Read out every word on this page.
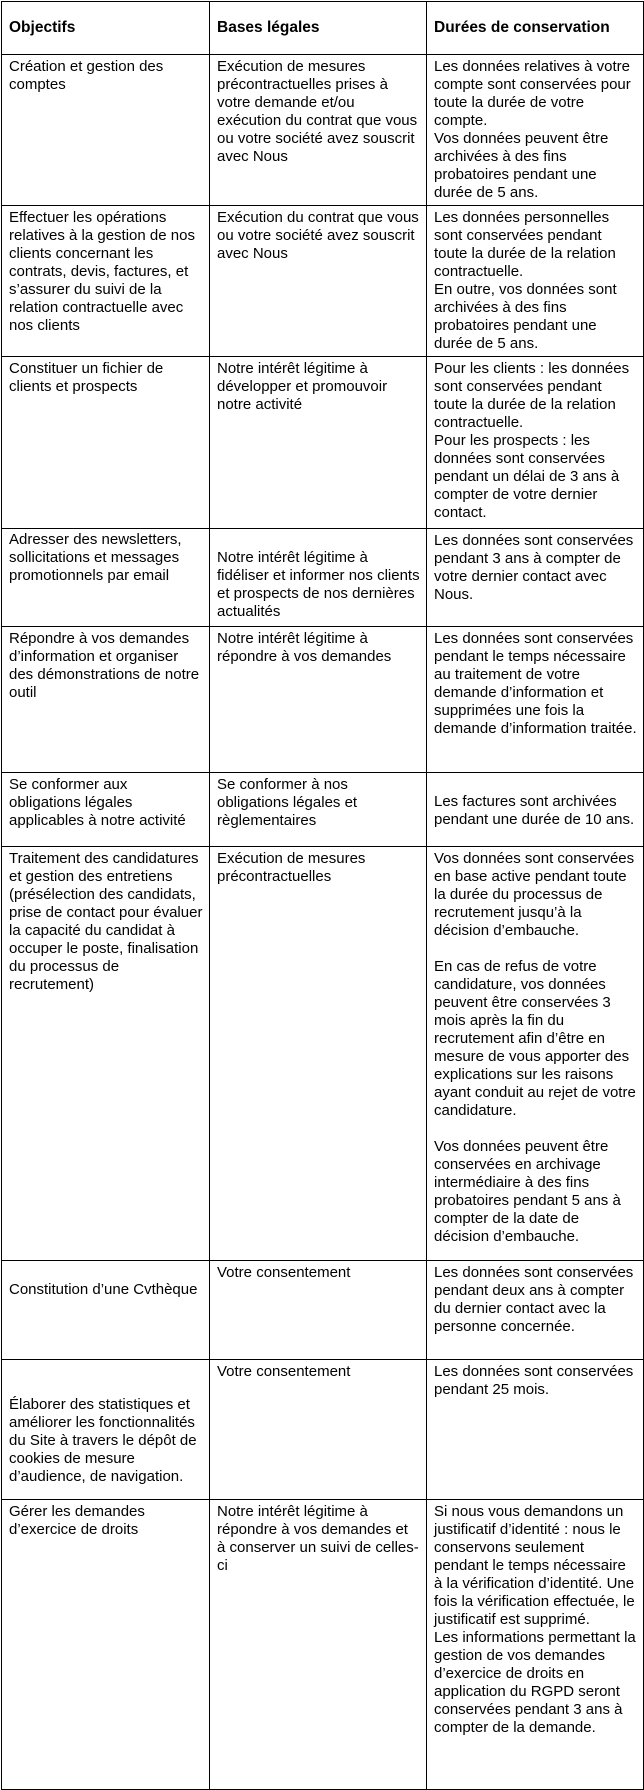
Objectifs	Bases légales	Durées de conservation

Création et gestion des comptes	Exécution de mesures précontractuelles prises à votre demande et/ou exécution du contrat que vous ou votre société avez souscrit avec Nous	Les données relatives à votre compte sont conservées pour toute la durée de votre compte.
Vos données peuvent être archivées à des fins probatoires pendant une durée de 5 ans.

Effectuer les opérations relatives à la gestion de nos clients concernant les contrats, devis, factures, et s’assurer du suivi de la relation contractuelle avec nos clients	Exécution du contrat que vous ou votre société avez souscrit avec Nous	Les données personnelles sont conservées pendant toute la durée de la relation contractuelle.
En outre, vos données sont archivées à des fins probatoires pendant une durée de 5 ans.

Constituer un fichier de clients et prospects	Notre intérêt légitime à développer et promouvoir notre activité	Pour les clients : les données sont conservées pendant toute la durée de la relation contractuelle.
Pour les prospects : les données sont conservées pendant un délai de 3 ans à compter de votre dernier contact.

Adresser des newsletters, sollicitations et messages promotionnels par email	Notre intérêt légitime à fidéliser et informer nos clients et prospects de nos dernières actualités	Les données sont conservées pendant 3 ans à compter de votre dernier contact avec Nous.

Répondre à vos demandes d’information et organiser des démonstrations de notre outil	Notre intérêt légitime à répondre à vos demandes	Les données sont conservées pendant le temps nécessaire au traitement de votre demande d’information et supprimées une fois la demande d’information traitée.

Se conformer aux obligations légales applicables à notre activité	Se conformer à nos obligations légales et règlementaires	Les factures sont archivées pendant une durée de 10 ans.

Traitement des candidatures et gestion des entretiens (présélection des candidats, prise de contact pour évaluer la capacité du candidat à occuper le poste, finalisation du processus de recrutement)	Exécution de mesures précontractuelles	Vos données sont conservées en base active pendant toute la durée du processus de recrutement jusqu’à la décision d’embauche.

En cas de refus de votre candidature, vos données peuvent être conservées 3 mois après la fin du recrutement afin d’être en mesure de vous apporter des explications sur les raisons ayant conduit au rejet de votre candidature.

Vos données peuvent être conservées en archivage intermédiaire à des fins probatoires pendant 5 ans à compter de la date de décision d’embauche.

Constitution d’une Cvthèque	Votre consentement	Les données sont conservées pendant deux ans à compter du dernier contact avec la personne concernée.

Élaborer des statistiques et améliorer les fonctionnalités du Site à travers le dépôt de cookies de mesure d’audience, de navigation.	Votre consentement	Les données sont conservées pendant 25 mois.

Gérer les demandes d’exercice de droits	Notre intérêt légitime à répondre à vos demandes et à conserver un suivi de celles-ci	Si nous vous demandons un justificatif d’identité : nous le conservons seulement pendant le temps nécessaire à la vérification d’identité. Une fois la vérification effectuée, le justificatif est supprimé.
Les informations permettant la gestion de vos demandes d’exercice de droits en application du RGPD seront conservées pendant 3 ans à compter de la demande.
